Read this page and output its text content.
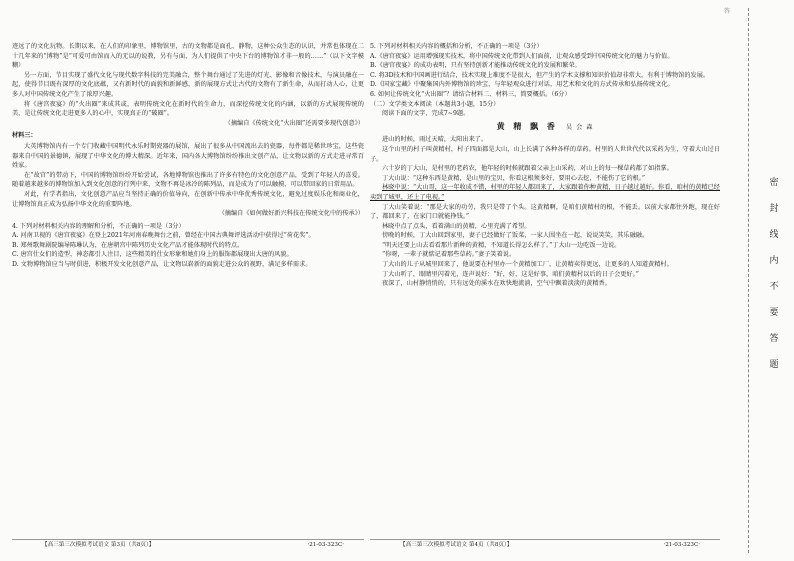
答

迹远了的文化玩物。长期以来，在人们的印象里，博物馆里，古的文物都是面孔、静物，这种公众生态的认识，并常也体现在二十几年来的“博物”是“可爱可由馆而入的无以的说教，另有与面，为人们提供了中央下台的博物馆才非一般的……”（以下文字模糊）

另一方面，节目实现了盛代文化与现代数字科技的完美融合，整个舞台通过了先进的灯光、影像和音像技术，与演员融在一起，使得节目既有深厚的文化底蕴，又有新时代的面貌和新鲜感，新的展现方式让古代的文物有了新生命，从而打动人心，让更多人对中国传统文化产生了浓厚兴趣。

将《唐宫夜宴》的“火出圈”来成其或，表明传统文化在新时代的生命力，而深挖传统文化的内涵，以新的方式展现传统的美，是让传统文化走进更多人的心中，实现真正的“破圈”。

（摘编自《传统文化“火出圈”还需要多现代创意》）

材料三：

大英博物馆内有一个专门收藏中国明代永乐时期瓷器的展馆，展出了很多从中国流出去的瓷器，每件都是稀世珍宝，这些瓷器来自中国的景德镇，展现了中华文化的博大精深。近年来，国内各大博物馆纷纷推出文创产品，让文物以新的方式走进寻常百姓家。

在“故宫”的带动下，中国的博物馆纷纷开始尝试，各地博物馆也推出了许多有特色的文化创意产品，受到了年轻人的喜爱。随着越来越多的博物馆加入到文化创意的行列中来，文物不再是冰冷的陈列品，而是成为了可以触摸、可以带回家的日常用品。

对此，有学者指出，文化创意产品应当坚持正确的价值导向，在创新中传承中华优秀传统文化，避免过度娱乐化和商业化，让博物馆真正成为弘扬中华文化的重要阵地。

（摘编自《如何做好新兴科技在传统文化中的传承》）

4. 下列对材料相关内容的理解和分析，不正确的一项是（3分）

A. 河南卫视的《唐宫夜宴》在登上2021年河南春晚舞台之前，曾经在中国古典舞评选活动中获得过“荷花奖”。

B. 郑州歌舞剧院编导陈琳认为，在唐朝宫中陈列历史文化产品才能体现时代的特点。

C. 唐宫仕女们的造型、神态都引人注目，这些精美的仕女形象和她们身上的服饰都展现出大唐的风貌。

D. 文物博物馆应当与时俱进，积极开发文化创意产品，让文物以崭新的面貌走进公众的视野，满足多样需求。

5. 下列对材料相关内容的概括和分析，不正确的一项是（3分）

A.《唐宫夜宴》运用增强现实技术，将中国传统文化带到人们面前，让观众感受到中国传统文化的魅力与价值。

B.《唐宫夜宴》的成功表明，只有坚持创新才能推动传统文化的发展和繁荣。

C. 将3D技术和中国画进行结合，技术实现上难度不是很大，但产生的学术支撑和知识价值却非常大，有利于博物馆的发展。

D.《国家宝藏》中聚集国内外博物馆的珍宝，与年轻观众进行对话，用艺术和文化的方式传承和弘扬传统文化。

6. 如何让传统文化“火出圈”？请结合材料二、材料三，简要概括。（6分）

（二）文学类文本阅读（本题共3小题，15分）

阅读下面的文字，完成7~9题。

黄 精 飘 香 吴 会 森

进山的时候，雨过天晴，太阳出来了。

这个山里的村子叫黄精村，村子四面都是大山，山上长满了各种各样的草药。村里的人世世代代以采药为生，守着大山过日子。

六十岁的丁大山，是村里的老药农，他年轻的时候就跟着父亲上山采药，对山上的每一棵草药都了如指掌。

丁大山说：“这种东西是黄精，是山里的宝贝，你看这根须多好，要用心去挖，不能伤了它的根。”

林晓中说：“大山哥，这一年收成不错，村里的年轻人都回来了，大家跟着你种黄精，日子越过越好。你看，咱村的黄精已经卖到了城里，还上了电视。”

丁大山笑着说：“那是大家的功劳，我只是带了个头。这黄精啊，是咱们黄精村的根，不能丢。以前大家都往外跑，现在好了，都回来了，在家门口就能挣钱。”

林晓中点了点头，看着满山的黄精，心里充满了希望。

傍晚的时候，丁大山回到家里，妻子已经做好了饭菜，一家人围坐在一起，说说笑笑，其乐融融。

“明天还要上山去看看那片新种的黄精，不知道长得怎么样了。”丁大山一边吃饭一边说。

“你呀，一辈子就惦记着那些草药。”妻子笑着说。

丁大山的儿子从城里回来了，他说要在村里办一个黄精加工厂，让黄精卖得更远，让更多的人知道黄精村。

丁大山听了，眼睛里闪着光，连声说好：“好，好，这是好事，咱们黄精村以后的日子会更好。”

夜深了，山村静悄悄的，只有远处的溪水在欢快地流淌，空气中飘着淡淡的黄精香。

【高三第三次模拟考试语文 第3页（共8页）】	·21-03-323C·	【高三第三次模拟考试语文 第4页（共8页）】	·21-03-323C·
密
封
线
内
不
要
答
题
